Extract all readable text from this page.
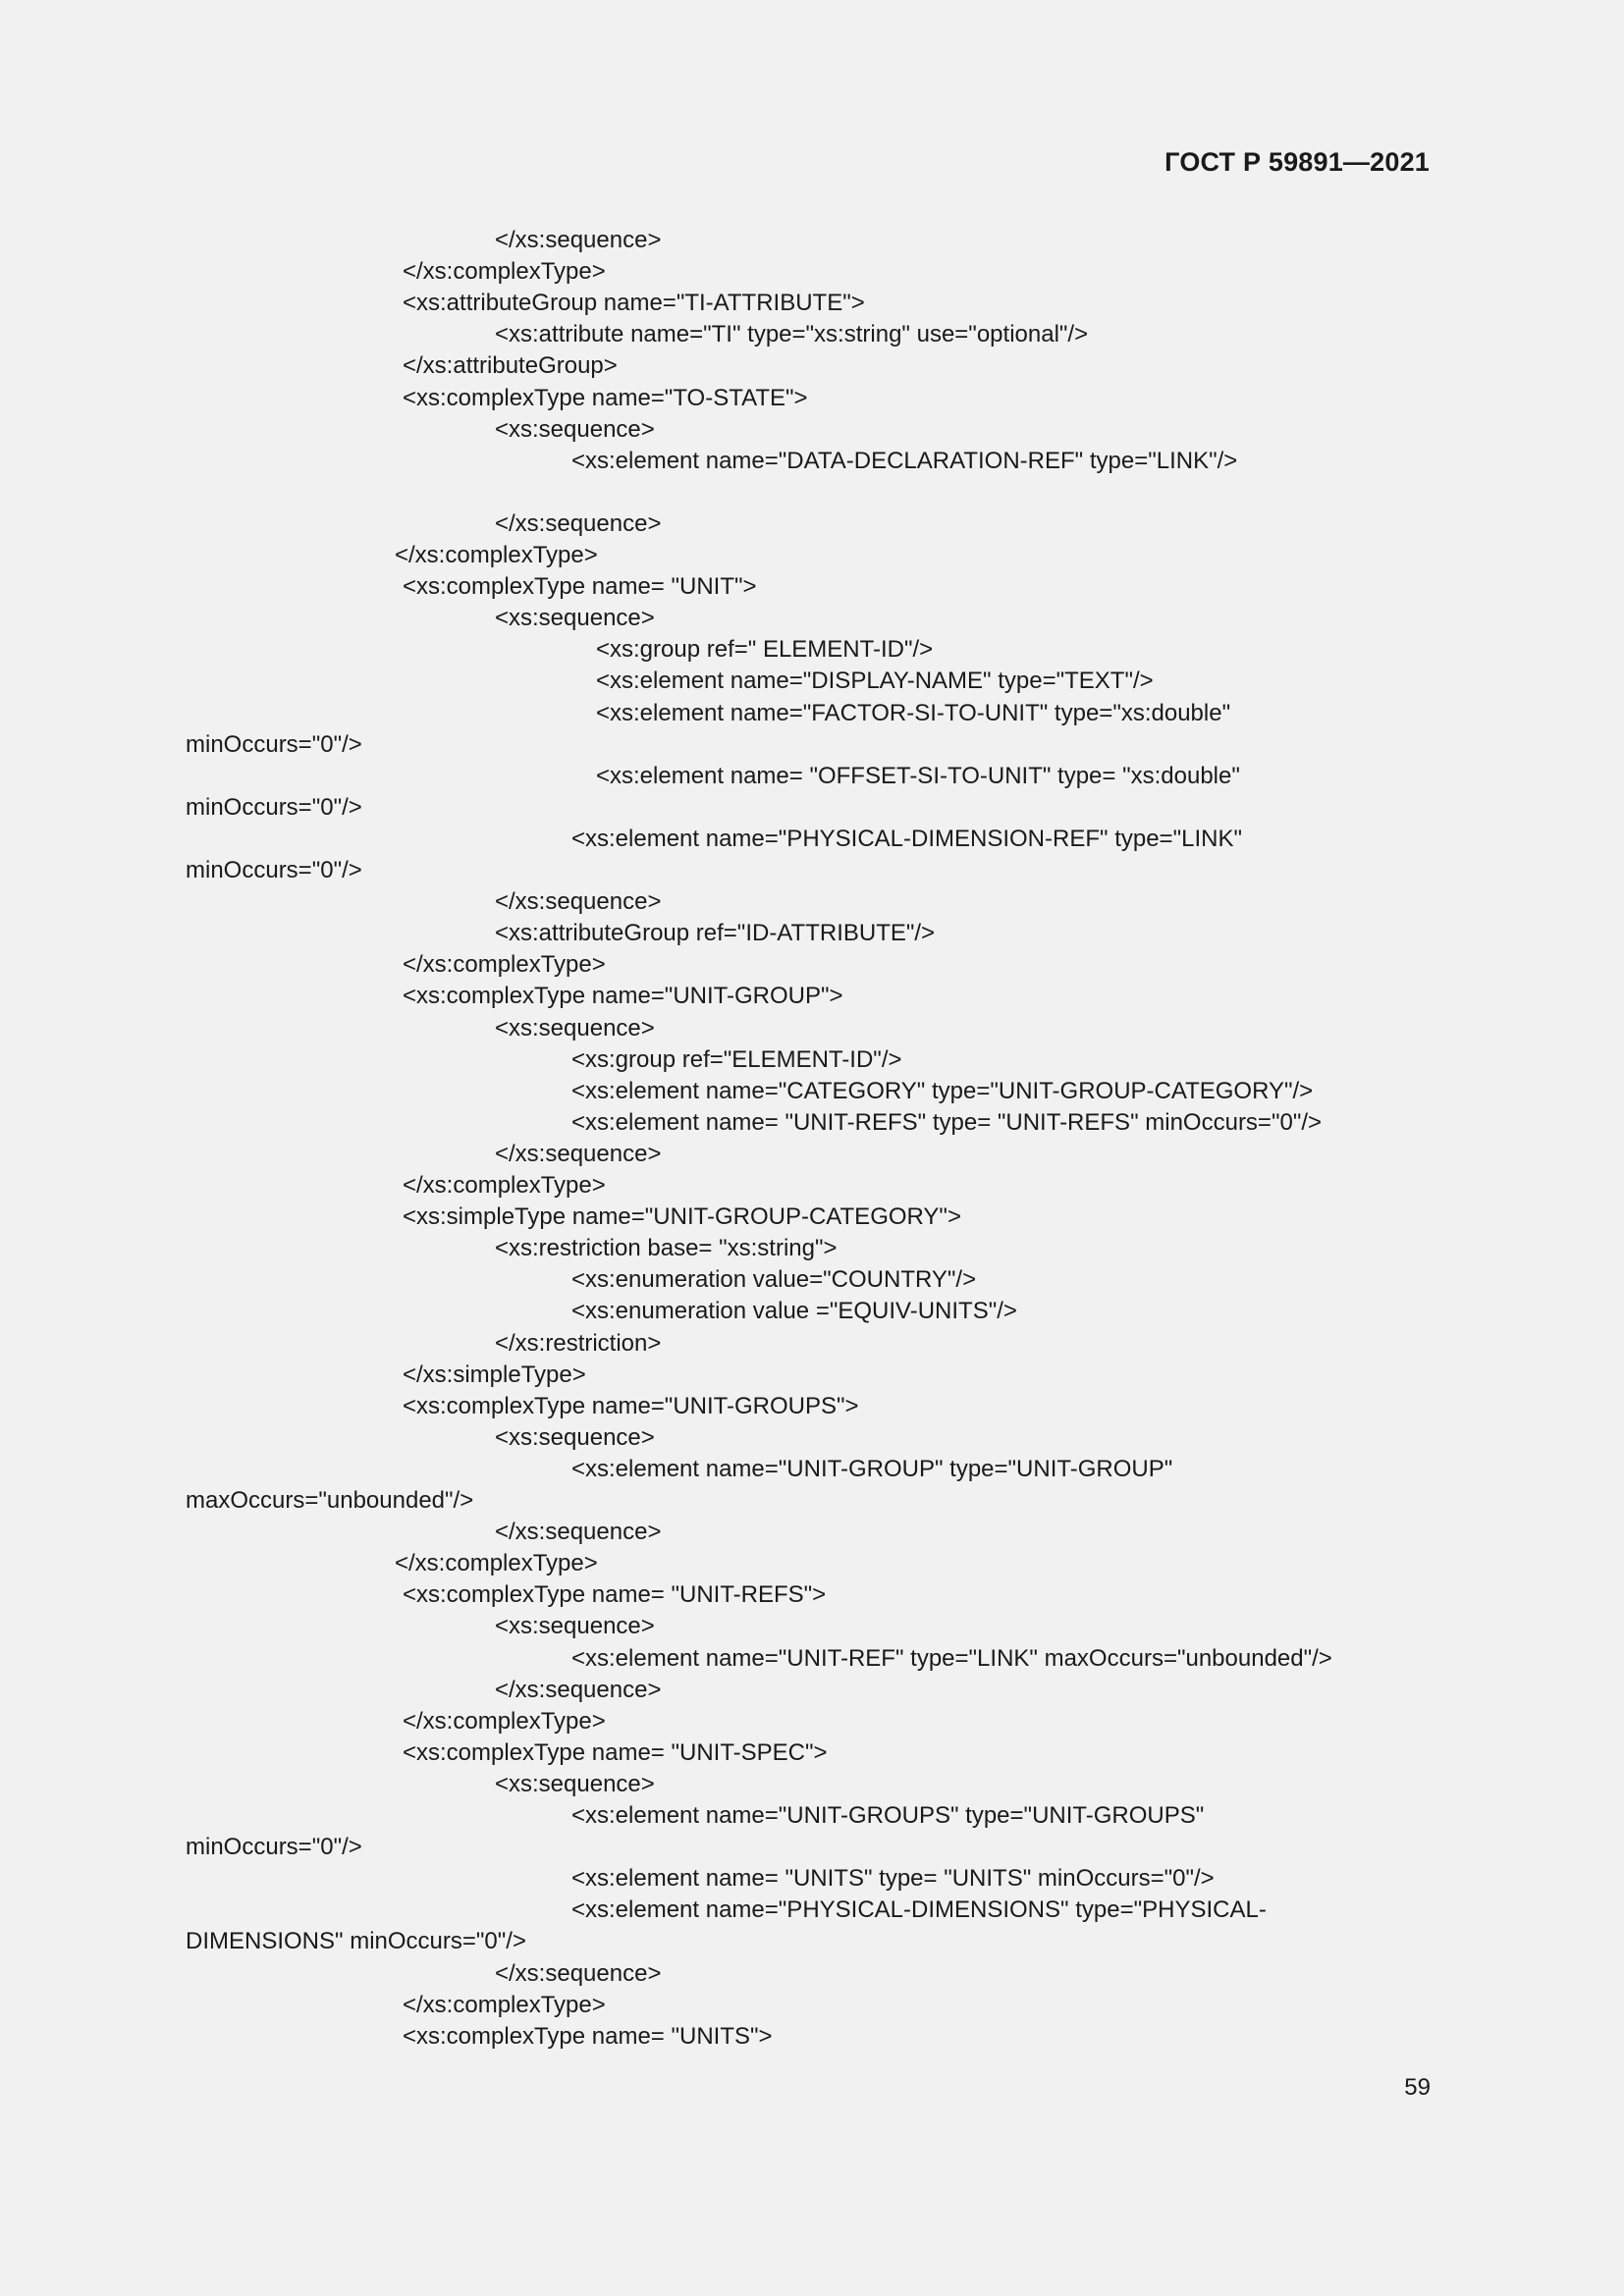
ГОСТ Р 59891—2021
</xs:sequence>
</xs:complexType>
<xs:attributeGroup name="TI-ATTRIBUTE">
<xs:attribute name="TI" type="xs:string" use="optional"/>
</xs:attributeGroup>
<xs:complexType name="TO-STATE">
<xs:sequence>
<xs:element name="DATA-DECLARATION-REF" type="LINK"/>
</xs:sequence>
</xs:complexType>
<xs:complexType name= "UNIT">
<xs:sequence>
<xs:group ref=" ELEMENT-ID"/>
<xs:element name="DISPLAY-NAME" type="TEXT"/>
<xs:element name="FACTOR-SI-TO-UNIT" type="xs:double"
minOccurs="0"/>
<xs:element name= "OFFSET-SI-TO-UNIT" type= "xs:double"
minOccurs="0"/>
<xs:element name="PHYSICAL-DIMENSION-REF" type="LINK"
minOccurs="0"/>
</xs:sequence>
<xs:attributeGroup ref="ID-ATTRIBUTE"/>
</xs:complexType>
<xs:complexType name="UNIT-GROUP">
<xs:sequence>
<xs:group ref="ELEMENT-ID"/>
<xs:element name="CATEGORY" type="UNIT-GROUP-CATEGORY"/>
<xs:element name= "UNIT-REFS" type= "UNIT-REFS" minOccurs="0"/>
</xs:sequence>
</xs:complexType>
<xs:simpleType name="UNIT-GROUP-CATEGORY">
<xs:restriction base= "xs:string">
<xs:enumeration value="COUNTRY"/>
<xs:enumeration value ="EQUIV-UNITS"/>
</xs:restriction>
</xs:simpleType>
<xs:complexType name="UNIT-GROUPS">
<xs:sequence>
<xs:element name="UNIT-GROUP" type="UNIT-GROUP"
maxOccurs="unbounded"/>
</xs:sequence>
</xs:complexType>
<xs:complexType name= "UNIT-REFS">
<xs:sequence>
<xs:element name="UNIT-REF" type="LINK" maxOccurs="unbounded"/>
</xs:sequence>
</xs:complexType>
<xs:complexType name= "UNIT-SPEC">
<xs:sequence>
<xs:element name="UNIT-GROUPS" type="UNIT-GROUPS"
minOccurs="0"/>
<xs:element name= "UNITS" type= "UNITS" minOccurs="0"/>
<xs:element name="PHYSICAL-DIMENSIONS" type="PHYSICAL-
DIMENSIONS" minOccurs="0"/>
</xs:sequence>
</xs:complexType>
<xs:complexType name= "UNITS">
59
